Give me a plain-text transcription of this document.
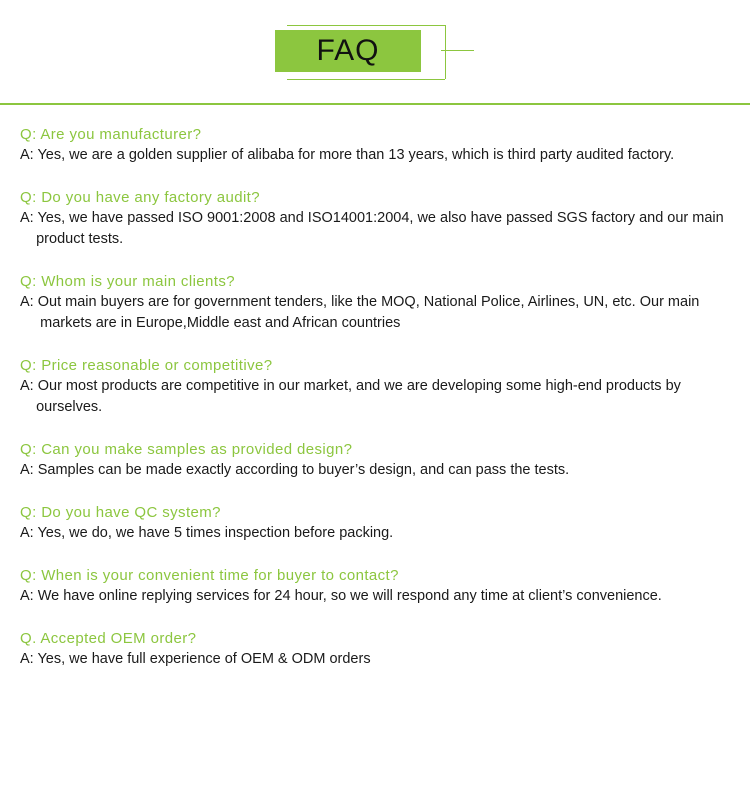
FAQ
Q: Are you manufacturer?
A: Yes, we are a golden supplier of alibaba for more than 13 years, which is third party audited factory.
Q: Do you have any factory audit?
A: Yes, we have passed ISO 9001:2008 and ISO14001:2004, we also have passed SGS factory and our main
product tests.
Q: Whom is your main clients?
A: Out main buyers are for government tenders, like the MOQ, National Police, Airlines, UN, etc. Our main
markets are in Europe,Middle east and African countries
Q: Price reasonable or competitive?
A: Our most products are competitive in our market, and we are developing some high-end products by
ourselves.
Q: Can you make samples as provided design?
A: Samples can be made exactly according to buyer’s design, and can pass the tests.
Q: Do you have QC system?
A: Yes, we do, we have 5 times inspection before packing.
Q: When is your convenient time for buyer to contact?
A: We have online replying services for 24 hour, so we will respond any time at client’s convenience.
Q. Accepted OEM order?
A: Yes, we have full experience of OEM & ODM orders
